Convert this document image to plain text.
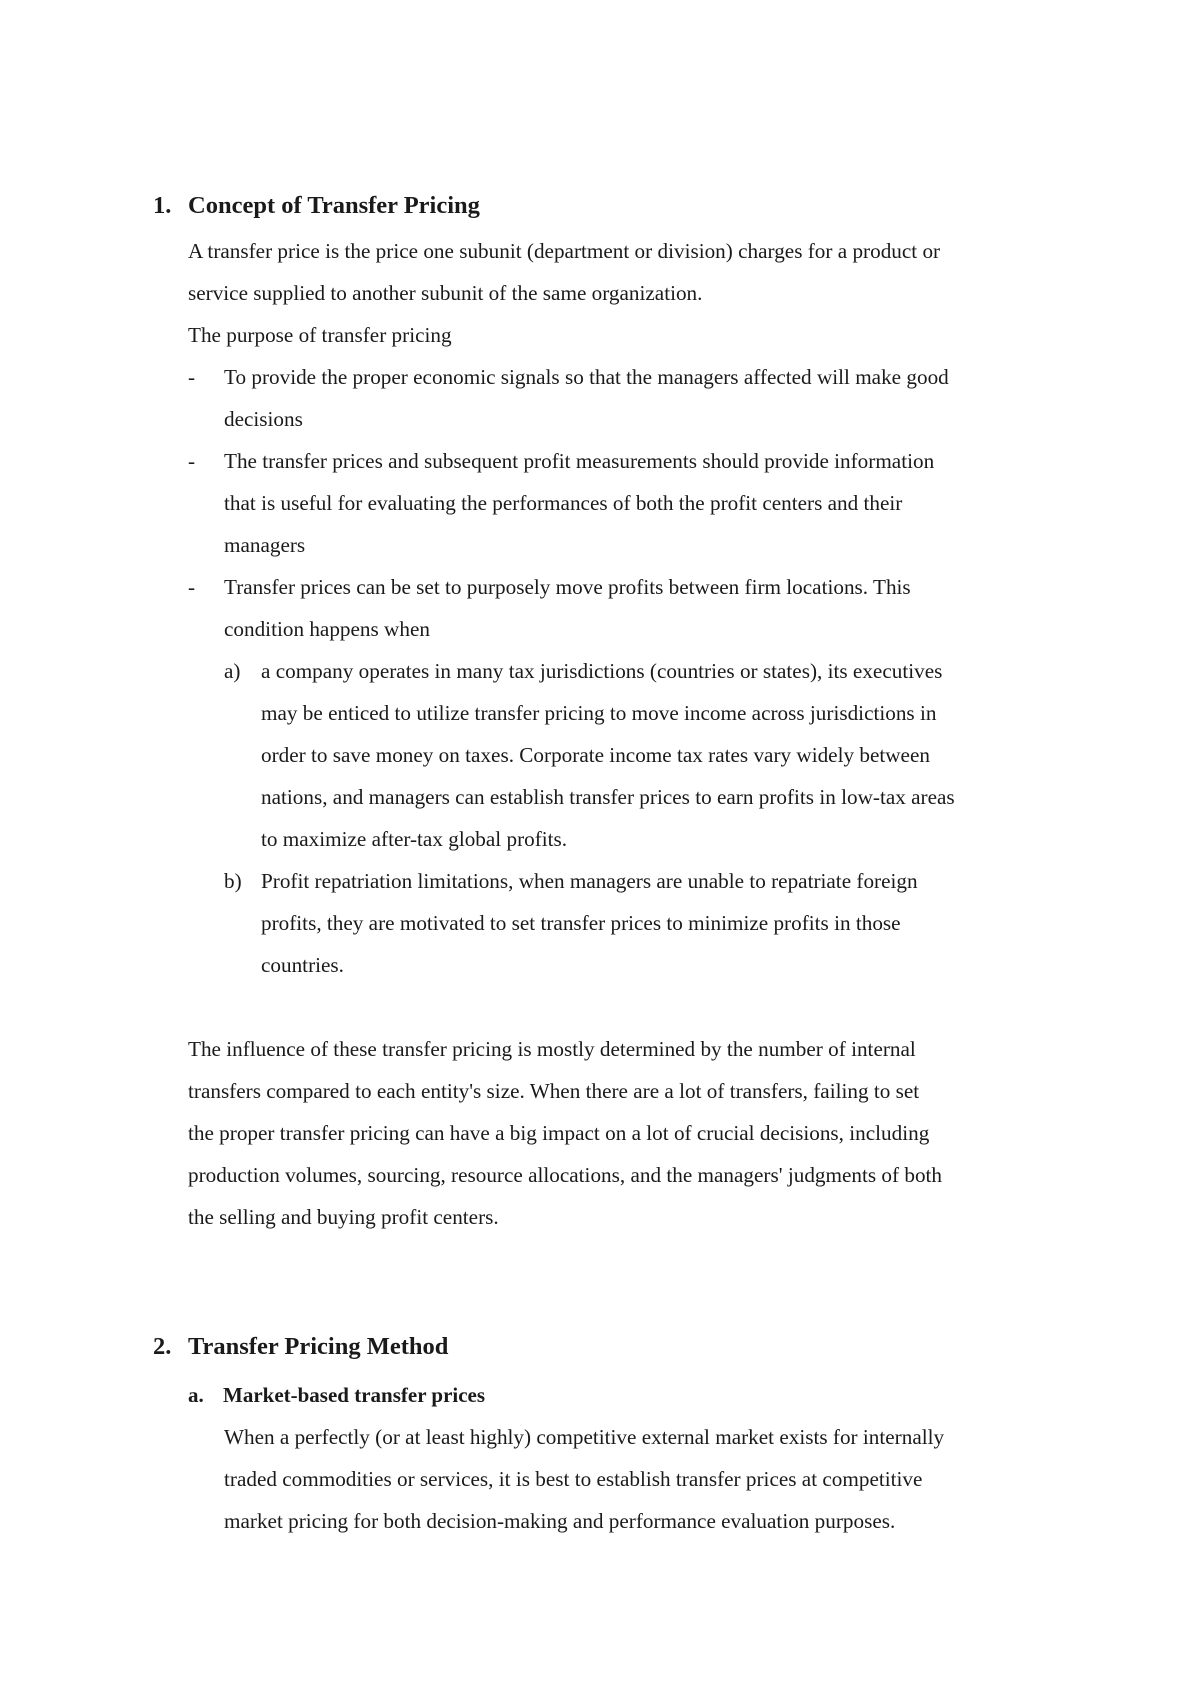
1. Concept of Transfer Pricing
A transfer price is the price one subunit (department or division) charges for a product or
service supplied to another subunit of the same organization.
The purpose of transfer pricing
- To provide the proper economic signals so that the managers affected will make good
decisions
- The transfer prices and subsequent profit measurements should provide information
that is useful for evaluating the performances of both the profit centers and their
managers
- Transfer prices can be set to purposely move profits between firm locations. This
condition happens when
a) a company operates in many tax jurisdictions (countries or states), its executives
may be enticed to utilize transfer pricing to move income across jurisdictions in
order to save money on taxes. Corporate income tax rates vary widely between
nations, and managers can establish transfer prices to earn profits in low-tax areas
to maximize after-tax global profits.
b) Profit repatriation limitations, when managers are unable to repatriate foreign
profits, they are motivated to set transfer prices to minimize profits in those
countries.
The influence of these transfer pricing is mostly determined by the number of internal
transfers compared to each entity's size. When there are a lot of transfers, failing to set
the proper transfer pricing can have a big impact on a lot of crucial decisions, including
production volumes, sourcing, resource allocations, and the managers' judgments of both
the selling and buying profit centers.
2. Transfer Pricing Method
a. Market-based transfer prices
When a perfectly (or at least highly) competitive external market exists for internally
traded commodities or services, it is best to establish transfer prices at competitive
market pricing for both decision-making and performance evaluation purposes.
